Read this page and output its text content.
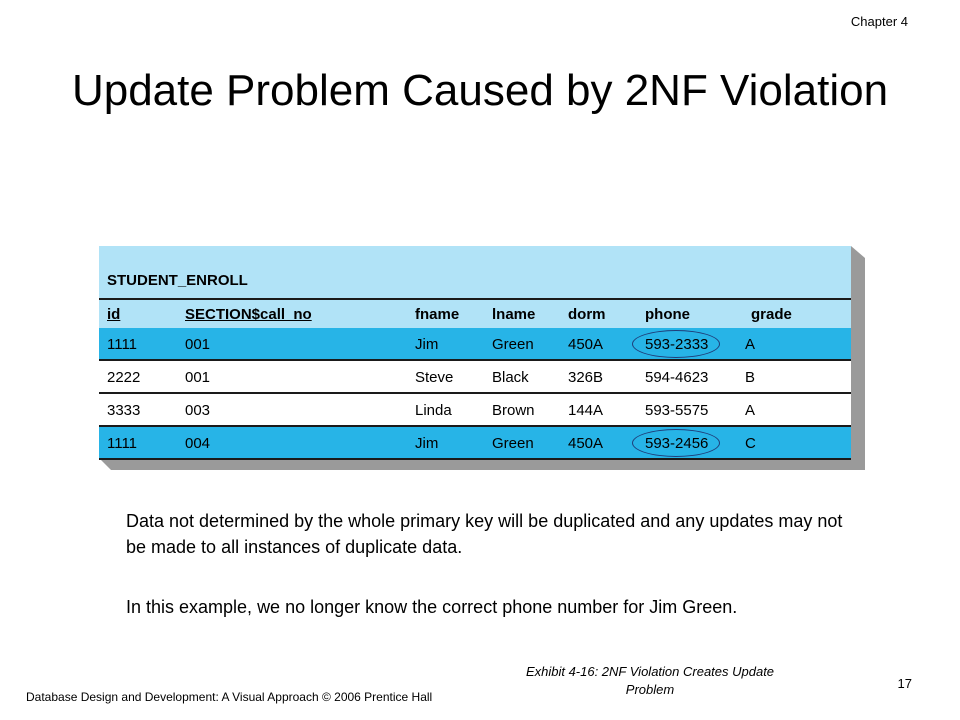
Chapter 4
Update Problem Caused by 2NF Violation
STUDENT_ENROLL
id	SECTION$call_no	fname lname dorm	phone	grade
1111	001	Jim	Green 450A	593-2333 A
2222	001	Steve	Black	326B	594-4623 B
3333	003	Linda	Brown 144A	593-5575 A
1111	004	Jim	Green 450A	593-2456 C

Data not determined by the whole primary key will be duplicated and any updates may not be made to all instances of duplicate data.

In this example, we no longer know the correct phone number for Jim Green.

Exhibit 4-16: 2NF Violation Creates Update Problem
Database Design and Development: A Visual Approach © 2006 Prentice Hall
17
